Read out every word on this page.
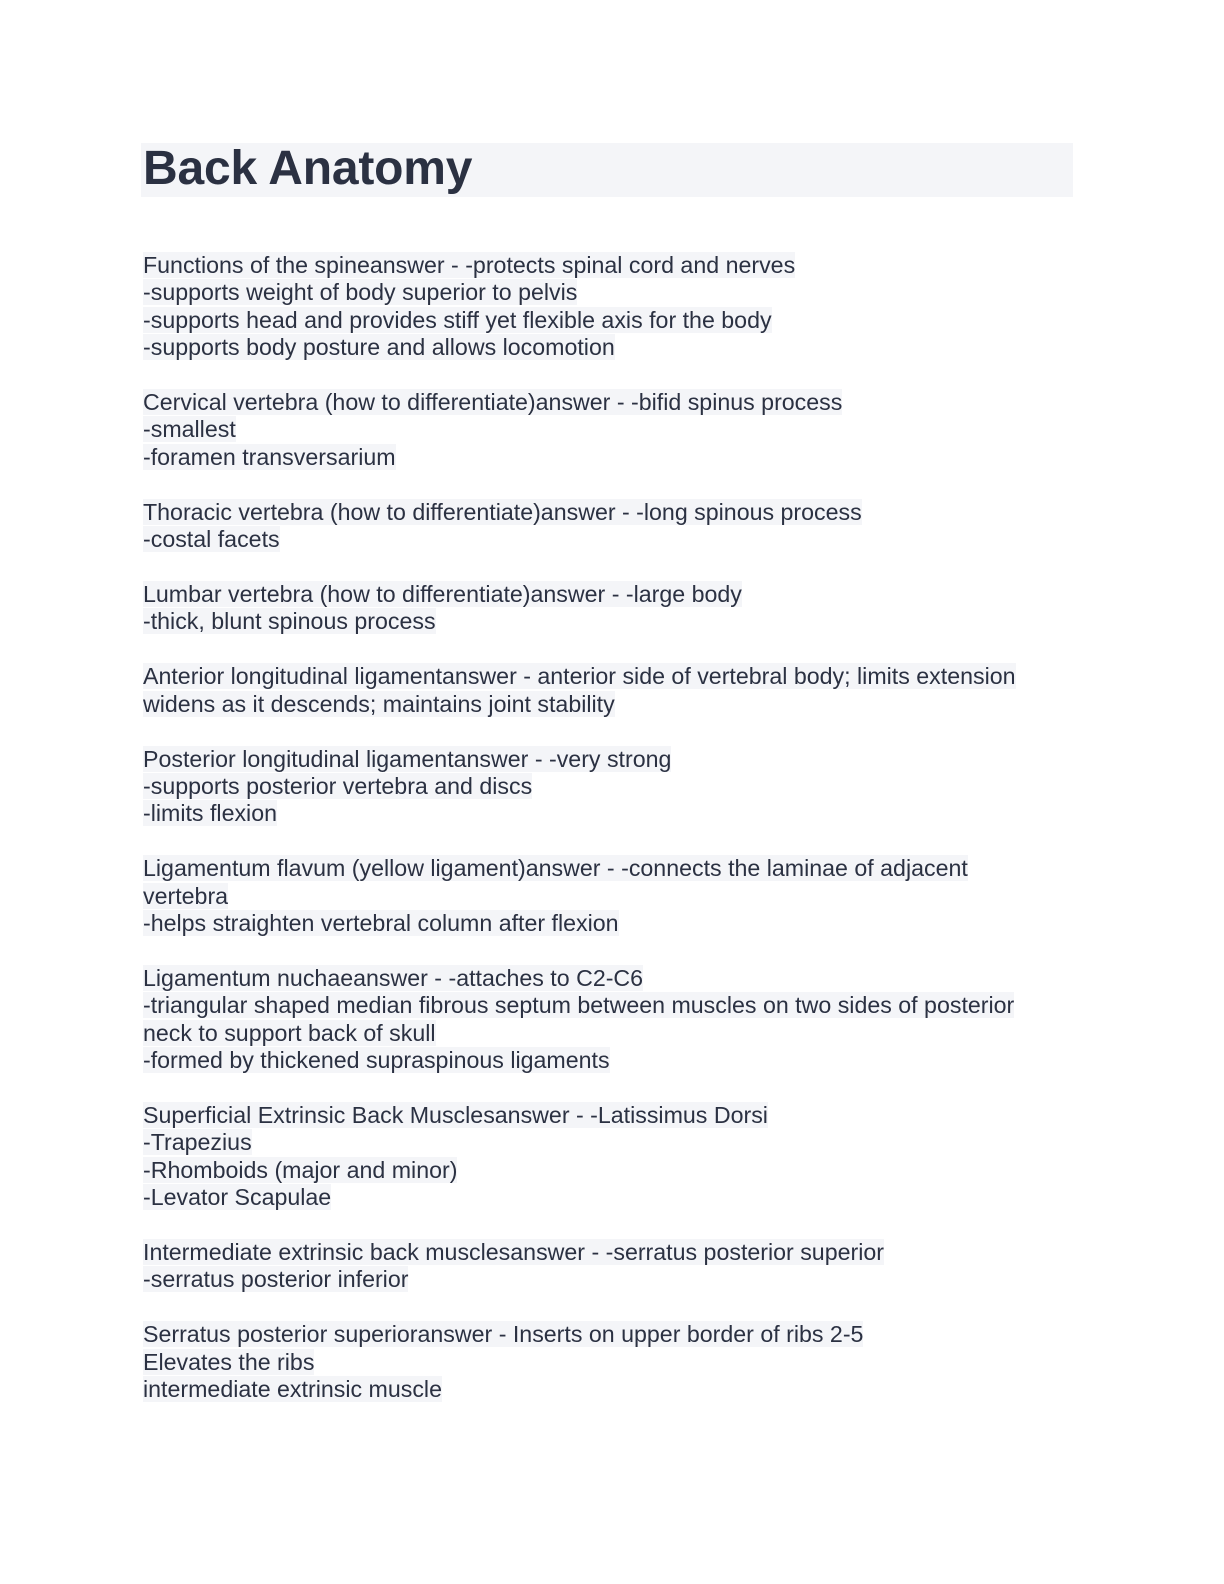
Back Anatomy
Functions of the spineanswer - -protects spinal cord and nerves
-supports weight of body superior to pelvis
-supports head and provides stiff yet flexible axis for the body
-supports body posture and allows locomotion
Cervical vertebra (how to differentiate)answer - -bifid spinus process
-smallest
-foramen transversarium
Thoracic vertebra (how to differentiate)answer - -long spinous process
-costal facets
Lumbar vertebra (how to differentiate)answer - -large body
-thick, blunt spinous process
Anterior longitudinal ligamentanswer - anterior side of vertebral body; limits extension
widens as it descends; maintains joint stability
Posterior longitudinal ligamentanswer - -very strong
-supports posterior vertebra and discs
-limits flexion
Ligamentum flavum (yellow ligament)answer - -connects the laminae of adjacent
vertebra
-helps straighten vertebral column after flexion
Ligamentum nuchaeanswer - -attaches to C2-C6
-triangular shaped median fibrous septum between muscles on two sides of posterior
neck to support back of skull
-formed by thickened supraspinous ligaments
Superficial Extrinsic Back Musclesanswer - -Latissimus Dorsi
-Trapezius
-Rhomboids (major and minor)
-Levator Scapulae
Intermediate extrinsic back musclesanswer - -serratus posterior superior
-serratus posterior inferior
Serratus posterior superioranswer - Inserts on upper border of ribs 2-5
Elevates the ribs
intermediate extrinsic muscle
